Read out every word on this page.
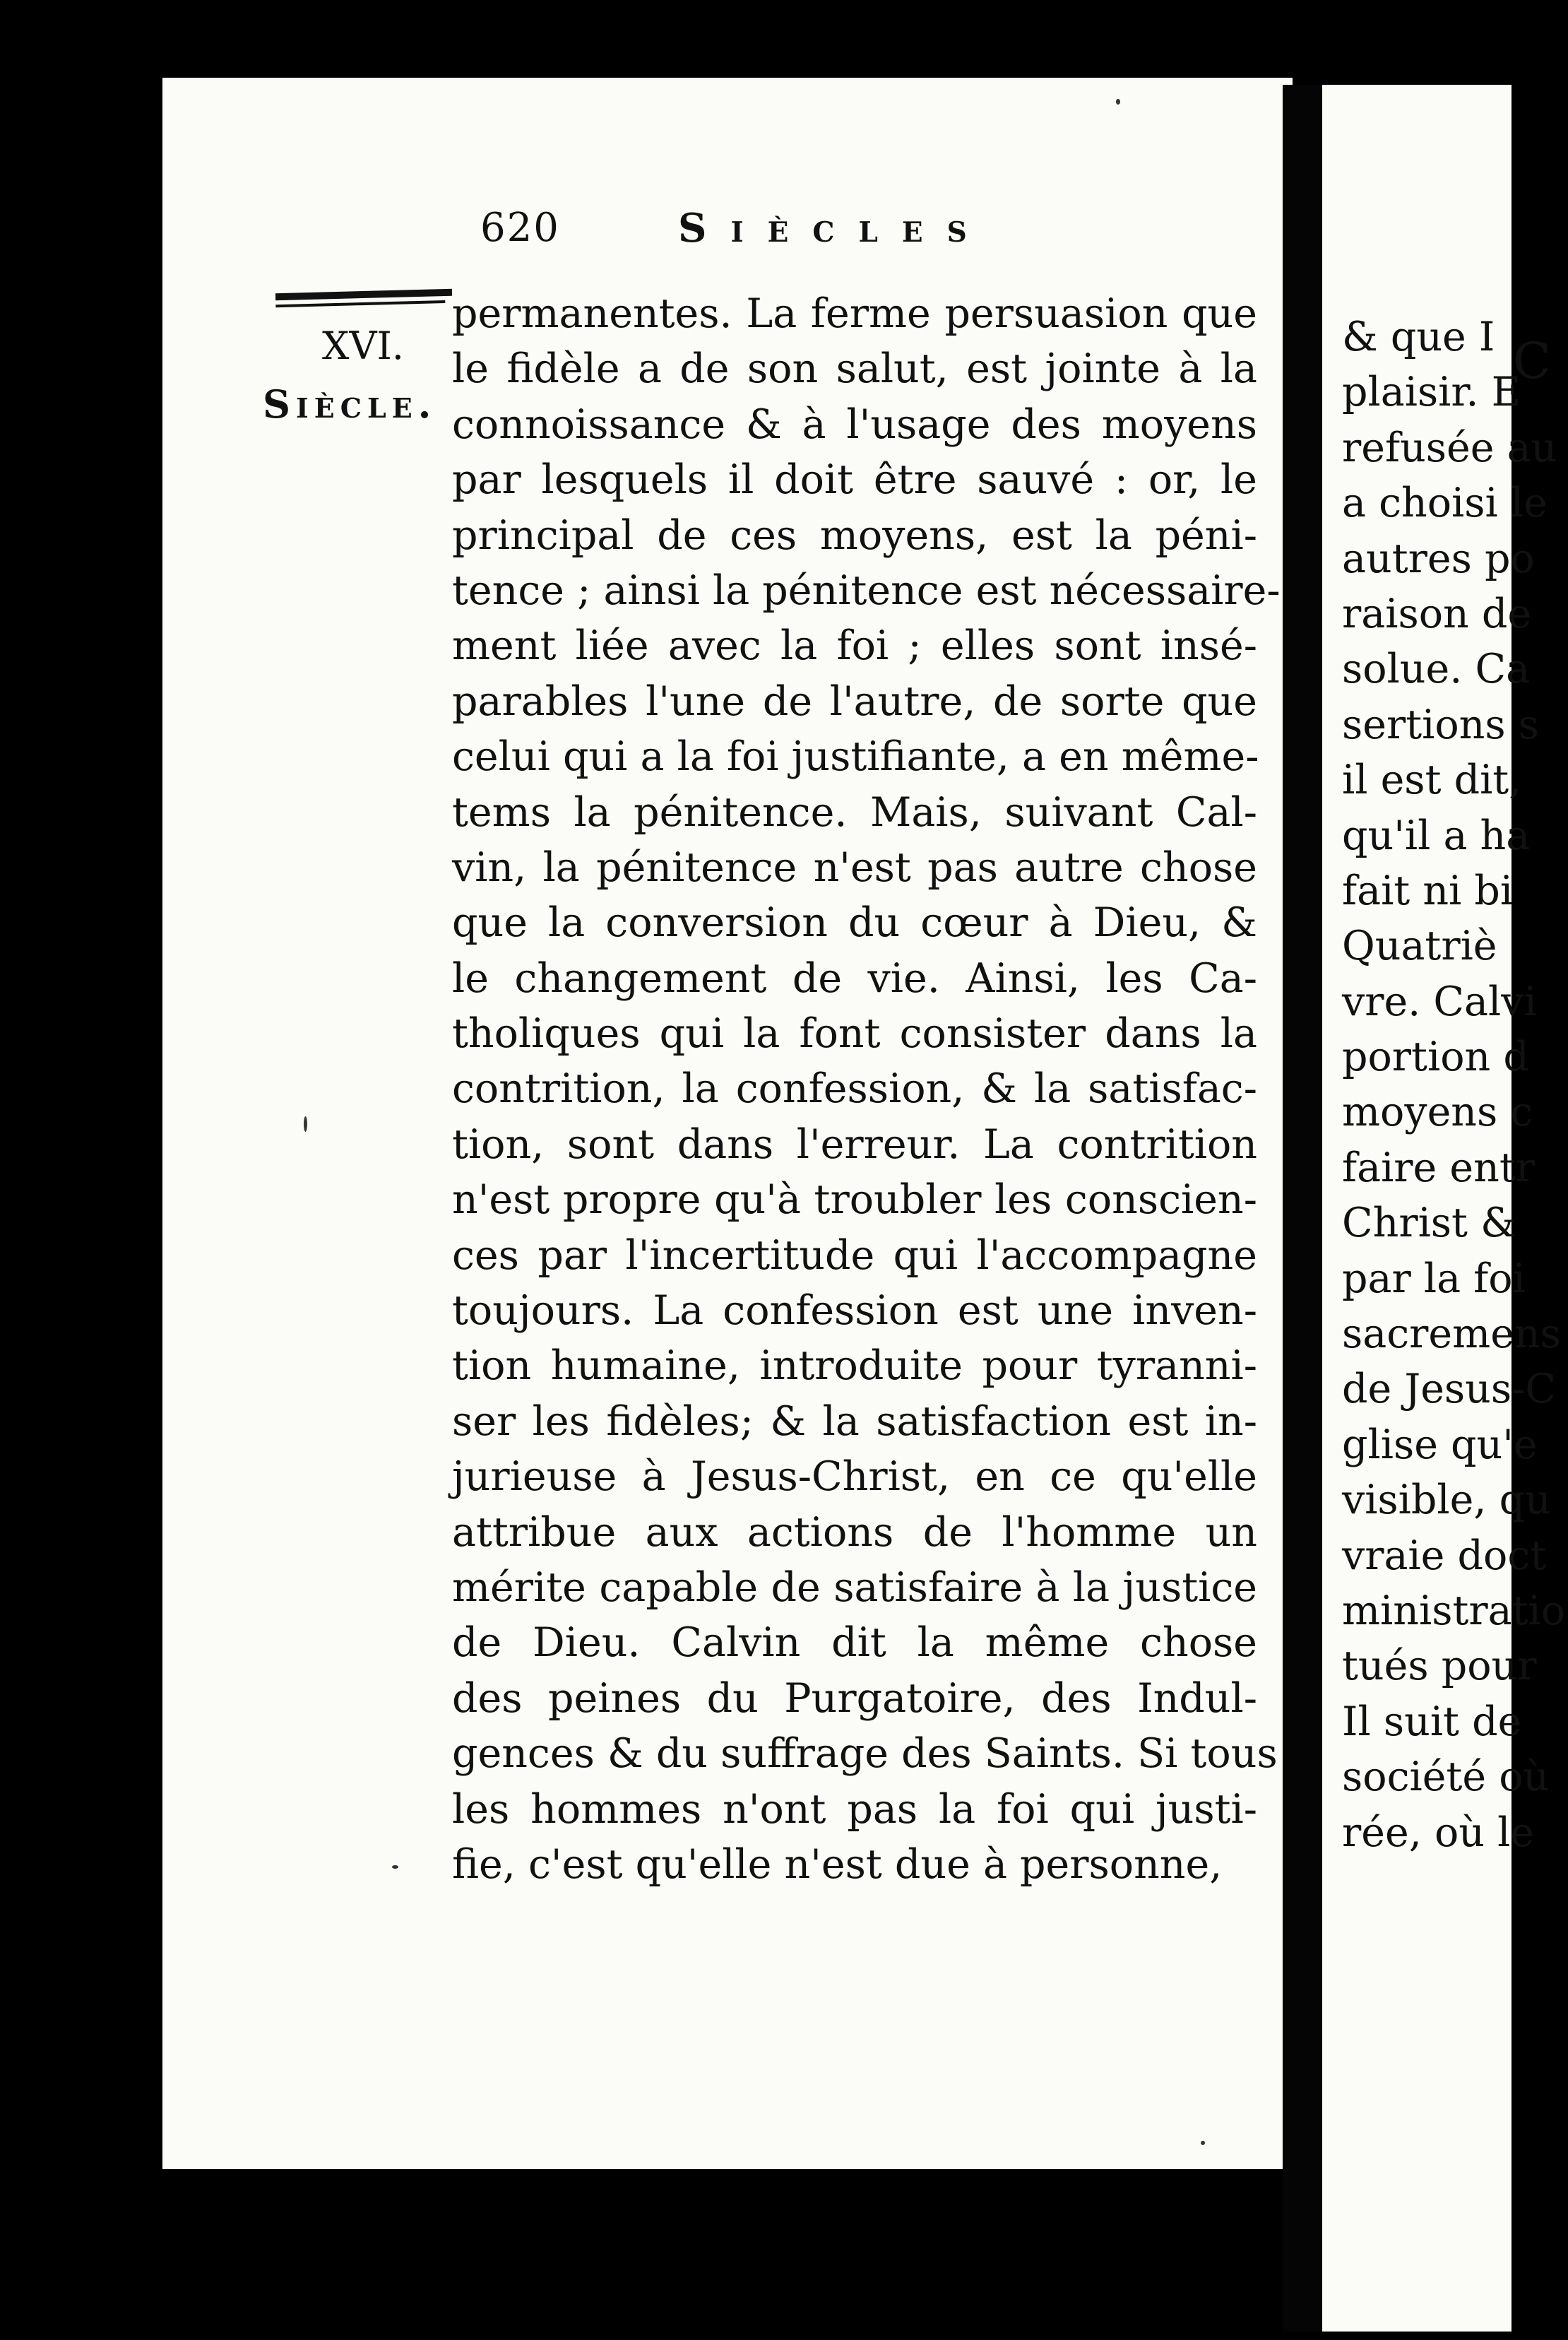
C
& que I
plaisir. E
refusée au
a choisi le
autres po
raison de
solue. Ca
sertions s
il est dit,
qu'il a ha
fait ni bi
Quatriè
vre. Calvi
portion d
moyens c
faire entr
Christ &
par la foi
sacremens
de Jesus-C
glise qu'e
visible, qu
vraie doct
ministratio
tués pour
Il suit de
société où
rée, où le
620	Siècles
XVI.
Siècle.
permanentes. La ferme persuasion que
le fidèle a de son salut, est jointe à la
connoissance & à l'usage des moyens
par lesquels il doit être sauvé : or, le
principal de ces moyens, est la péni-
tence ; ainsi la pénitence est nécessaire-
ment liée avec la foi ; elles sont insé-
parables l'une de l'autre, de sorte que
celui qui a la foi justifiante, a en même-
tems la pénitence. Mais, suivant Cal-
vin, la pénitence n'est pas autre chose
que la conversion du cœur à Dieu, &
le changement de vie. Ainsi, les Ca-
tholiques qui la font consister dans la
contrition, la confession, & la satisfac-
tion, sont dans l'erreur. La contrition
n'est propre qu'à troubler les conscien-
ces par l'incertitude qui l'accompagne
toujours. La confession est une inven-
tion humaine, introduite pour tyranni-
ser les fidèles; & la satisfaction est in-
jurieuse à Jesus-Christ, en ce qu'elle
attribue aux actions de l'homme un
mérite capable de satisfaire à la justice
de Dieu. Calvin dit la même chose
des peines du Purgatoire, des Indul-
gences & du suffrage des Saints. Si tous
les hommes n'ont pas la foi qui justi-
fie, c'est qu'elle n'est due à personne,
